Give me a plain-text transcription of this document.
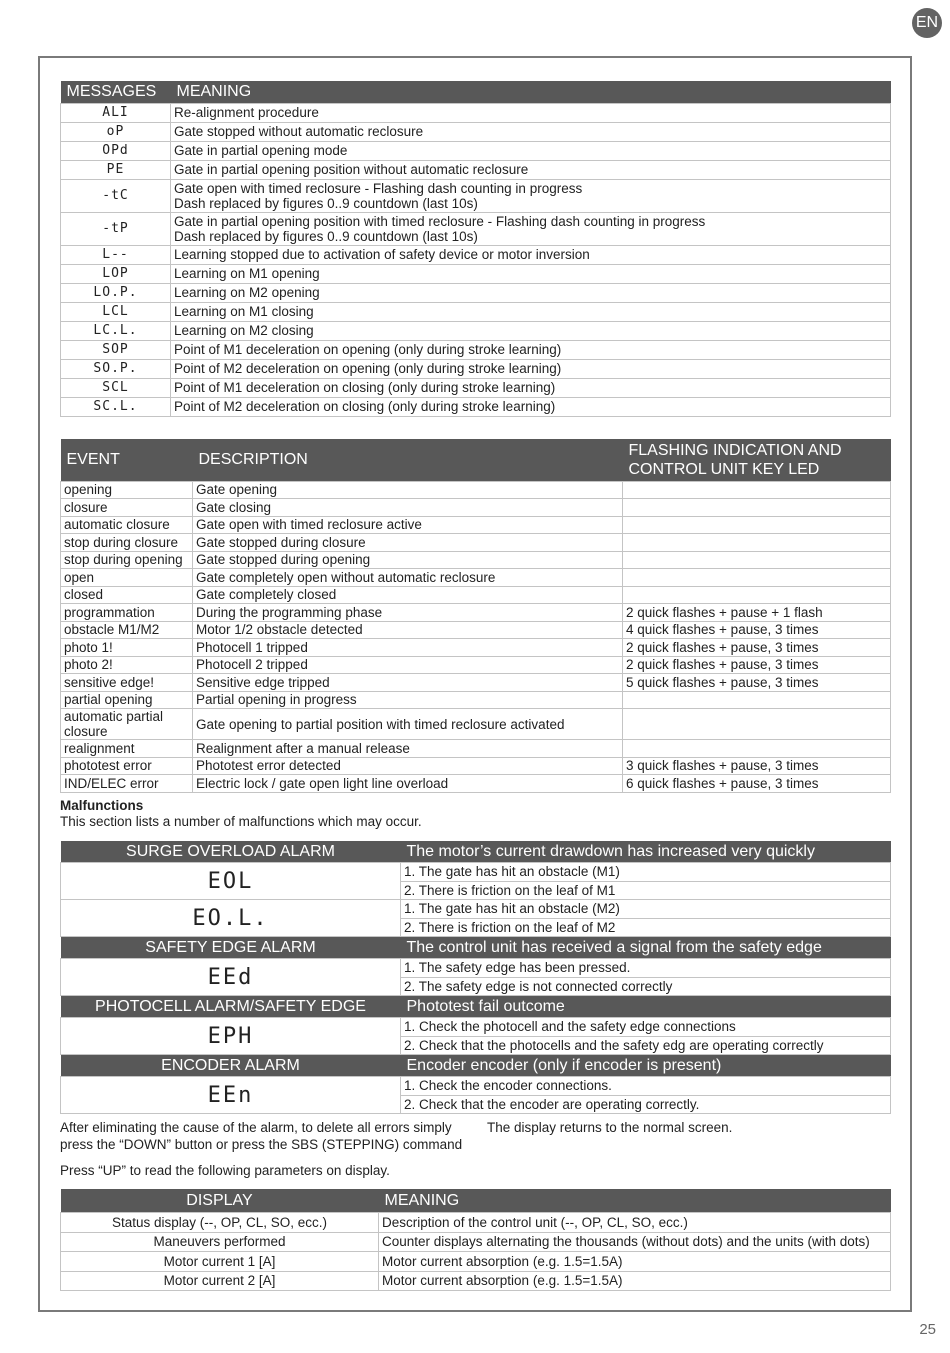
EN
MESSAGES	MEANING
ALI	Re-alignment procedure

oP	Gate stopped without automatic reclosure

OPd	Gate in partial opening mode

PE	Gate in partial opening position without automatic reclosure

-tC	Gate open with timed reclosure - Flashing dash counting in progress
Dash replaced by figures 0..9 countdown (last 10s)

-tP	Gate in partial opening position with timed reclosure - Flashing dash counting in progress
Dash replaced by figures 0..9 countdown (last 10s)

L--	Learning stopped due to activation of safety device or motor inversion

LOP	Learning on M1 opening

LO.P.	Learning on M2 opening

LCL	Learning on M1 closing

LC.L.	Learning on M2 closing

SOP	Point of M1 deceleration on opening (only during stroke learning)

SO.P.	Point of M2 deceleration on opening (only during stroke learning)

SCL	Point of M1 deceleration on closing (only during stroke learning)

SC.L.	Point of M2 deceleration on closing (only during stroke learning)
EVENT	DESCRIPTION	FLASHING INDICATION AND
CONTROL UNIT KEY LED

opening	Gate opening	

closure	Gate closing	

automatic closure	Gate open with timed reclosure active	

stop during closure	Gate stopped during closure	

stop during opening	Gate stopped during opening	

open	Gate completely open without automatic reclosure	

closed	Gate completely closed	

programmation	During the programming phase	2 quick flashes + pause + 1 flash

obstacle M1/M2	Motor 1/2 obstacle detected	4 quick flashes + pause, 3 times

photo 1!	Photocell 1 tripped	2 quick flashes + pause, 3 times

photo 2!	Photocell 2 tripped	2 quick flashes + pause, 3 times

sensitive edge!	Sensitive edge tripped	5 quick flashes + pause, 3 times

partial opening	Partial opening in progress	

automatic partial
closure	Gate opening to partial position with timed reclosure activated	

realignment	Realignment after a manual release	

phototest error	Phototest error detected	3 quick flashes + pause, 3 times

IND/ELEC error	Electric lock / gate open light line overload	6 quick flashes + pause, 3 times
Malfunctions
This section lists a number of malfunctions which may occur.
SURGE OVERLOAD ALARM	The motor’s current drawdown has increased very quickly
EOL	1. The gate has hit an obstacle (M1)
	2. There is friction on the leaf of M1
EO.L.	1. The gate has hit an obstacle (M2)
	2. There is friction on the leaf of M2
SAFETY EDGE ALARM	The control unit has received a signal from the safety edge
EEd	1. The safety edge has been pressed.
	2. The safety edge is not connected correctly
PHOTOCELL ALARM/SAFETY EDGE	Phototest fail outcome
EPH	1. Check the photocell and the safety edge connections
	2. Check that the photocells and the safety edg are operating correctly
ENCODER ALARM	Encoder encoder (only if encoder is present)
EEn	1. Check the encoder connections.
	2. Check that the encoder are operating correctly.
After eliminating the cause of the alarm, to delete all errors simply
press the “DOWN” button or press the SBS (STEPPING) command
The display returns to the normal screen.
Press “UP” to read the following parameters on display.
DISPLAY	MEANING
Status display (--, OP, CL, SO, ecc.)	Description of the control unit (--, OP, CL, SO, ecc.)
Maneuvers performed	Counter displays alternating the thousands (without dots) and the units (with dots)
Motor current 1 [A]	Motor current absorption (e.g. 1.5=1.5A)
Motor current 2 [A]	Motor current absorption (e.g. 1.5=1.5A)
25
